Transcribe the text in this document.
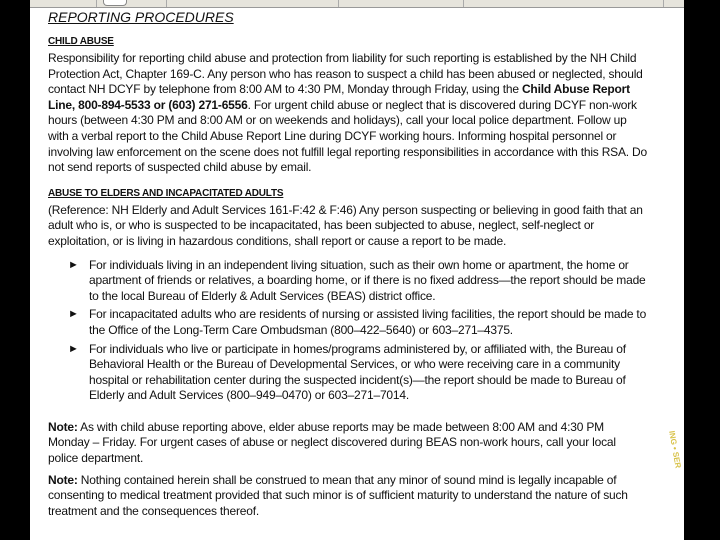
REPORTING PROCEDURES
CHILD ABUSE

Responsibility for reporting child abuse and protection from liability for such reporting is established by the NH Child Protection Act, Chapter 169-C. Any person who has reason to suspect a child has been abused or neglected, should contact NH DCYF by telephone from 8:00 AM to 4:30 PM, Monday through Friday, using the Child Abuse Report Line, 800-894-5533 or (603) 271-6556. For urgent child abuse or neglect that is discovered during DCYF non-work hours (between 4:30 PM and 8:00 AM or on weekends and holidays), call your local police department. Follow up with a verbal report to the Child Abuse Report Line during DCYF working hours. Informing hospital personnel or involving law enforcement on the scene does not fulfill legal reporting responsibilities in accordance with this RSA. Do not send reports of suspected child abuse by email.

ABUSE TO ELDERS AND INCAPACITATED ADULTS

(Reference: NH Elderly and Adult Services 161-F:42 & F:46) Any person suspecting or believing in good faith that an adult who is, or who is suspected to be incapacitated, has been subjected to abuse, neglect, self-neglect or exploitation, or is living in hazardous conditions, shall report or cause a report to be made.

► For individuals living in an independent living situation, such as their own home or apartment, the home or apartment of friends or relatives, a boarding home, or if there is no fixed address—the report should be made to the local Bureau of Elderly & Adult Services (BEAS) district office.
► For incapacitated adults who are residents of nursing or assisted living facilities, the report should be made to the Office of the Long-Term Care Ombudsman (800–422–5640) or 603–271–4375.
► For individuals who live or participate in homes/programs administered by, or affiliated with, the Bureau of Behavioral Health or the Bureau of Developmental Services, or who were receiving care in a community hospital or rehabilitation center during the suspected incident(s)—the report should be made to Bureau of Elderly and Adult Services (800–949–0470) or 603–271–7014.

Note: As with child abuse reporting above, elder abuse reports may be made between 8:00 AM and 4:30 PM Monday – Friday. For urgent cases of abuse or neglect discovered during BEAS non-work hours, call your local police department.

Note: Nothing contained herein shall be construed to mean that any minor of sound mind is legally incapable of consenting to medical treatment provided that such minor is of sufficient maturity to understand the nature of such treatment and the consequences thereof.

ING • SER
